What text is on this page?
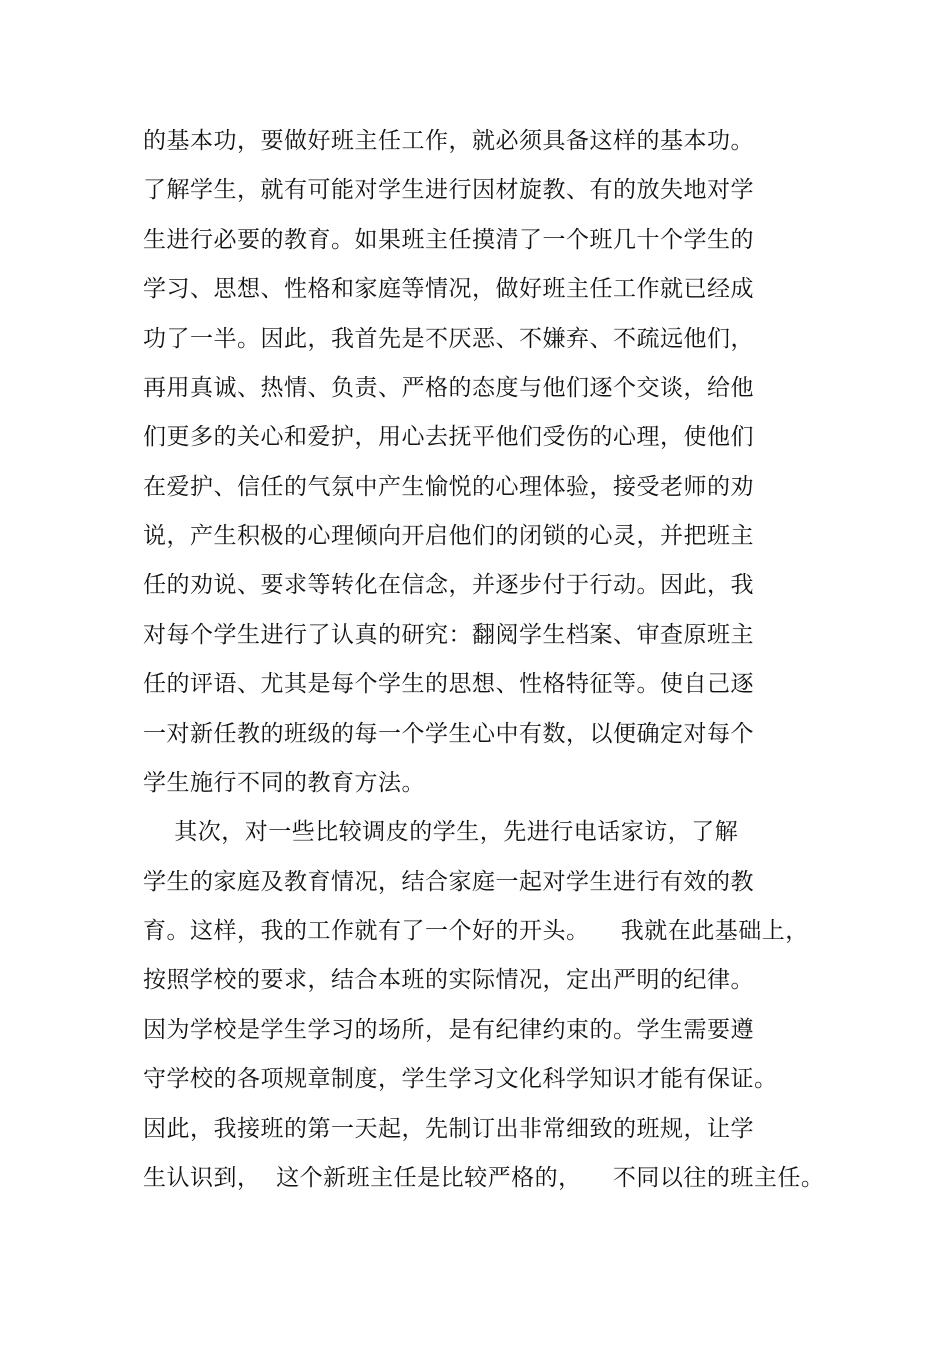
的基本功，要做好班主任工作，就必须具备这样的基本功。
了解学生，就有可能对学生进行因材旋教、有的放失地对学
生进行必要的教育。如果班主任摸清了一个班几十个学生的
学习、思想、性格和家庭等情况，做好班主任工作就已经成
功了一半。因此，我首先是不厌恶、不嫌弃、不疏远他们，
再用真诚、热情、负责、严格的态度与他们逐个交谈，给他
们更多的关心和爱护，用心去抚平他们受伤的心理，使他们
在爱护、信任的气氛中产生愉悦的心理体验，接受老师的劝
说，产生积极的心理倾向开启他们的闭锁的心灵，并把班主
任的劝说、要求等转化在信念，并逐步付于行动。因此，我
对每个学生进行了认真的研究：翻阅学生档案、审查原班主
任的评语、尤其是每个学生的思想、性格特征等。使自己逐
一对新任教的班级的每一个学生心中有数，以便确定对每个
学生施行不同的教育方法。
其次，对一些比较调皮的学生，先进行电话家访，了解
学生的家庭及教育情况，结合家庭一起对学生进行有效的教
育。这样，我的工作就有了一个好的开头。    我就在此基础上，
按照学校的要求，结合本班的实际情况，定出严明的纪律。
因为学校是学生学习的场所，是有纪律约束的。学生需要遵
守学校的各项规章制度，学生学习文化科学知识才能有保证。
因此，我接班的第一天起，先制订出非常细致的班规，让学
生认识到，  这个新班主任是比较严格的，    不同以往的班主任。
